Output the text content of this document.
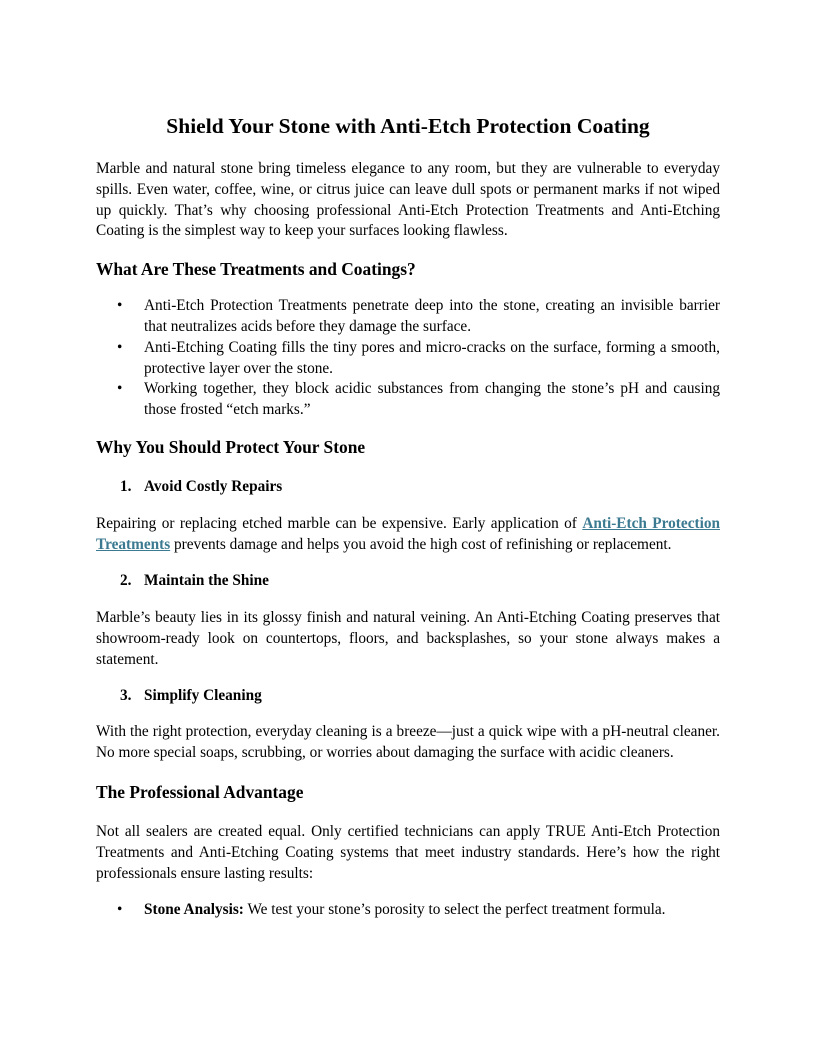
Shield Your Stone with Anti-Etch Protection Coating

Marble and natural stone bring timeless elegance to any room, but they are vulnerable to everyday spills. Even water, coffee, wine, or citrus juice can leave dull spots or permanent marks if not wiped up quickly. That’s why choosing professional Anti-Etch Protection Treatments and Anti-Etching Coating is the simplest way to keep your surfaces looking flawless.

What Are These Treatments and Coatings?
• Anti-Etch Protection Treatments penetrate deep into the stone, creating an invisible barrier that neutralizes acids before they damage the surface.
• Anti-Etching Coating fills the tiny pores and micro-cracks on the surface, forming a smooth, protective layer over the stone.
• Working together, they block acidic substances from changing the stone’s pH and causing those frosted “etch marks.”
Why You Should Protect Your Stone
1. Avoid Costly Repairs

Repairing or replacing etched marble can be expensive. Early application of Anti-Etch Protection Treatments prevents damage and helps you avoid the high cost of refinishing or replacement.

2. Maintain the Shine

Marble’s beauty lies in its glossy finish and natural veining. An Anti-Etching Coating preserves that showroom-ready look on countertops, floors, and backsplashes, so your stone always makes a statement.

3. Simplify Cleaning

With the right protection, everyday cleaning is a breeze—just a quick wipe with a pH-neutral cleaner. No more special soaps, scrubbing, or worries about damaging the surface with acidic cleaners.

The Professional Advantage

Not all sealers are created equal. Only certified technicians can apply TRUE Anti-Etch Protection Treatments and Anti-Etching Coating systems that meet industry standards. Here’s how the right professionals ensure lasting results:

• Stone Analysis: We test your stone’s porosity to select the perfect treatment formula.
